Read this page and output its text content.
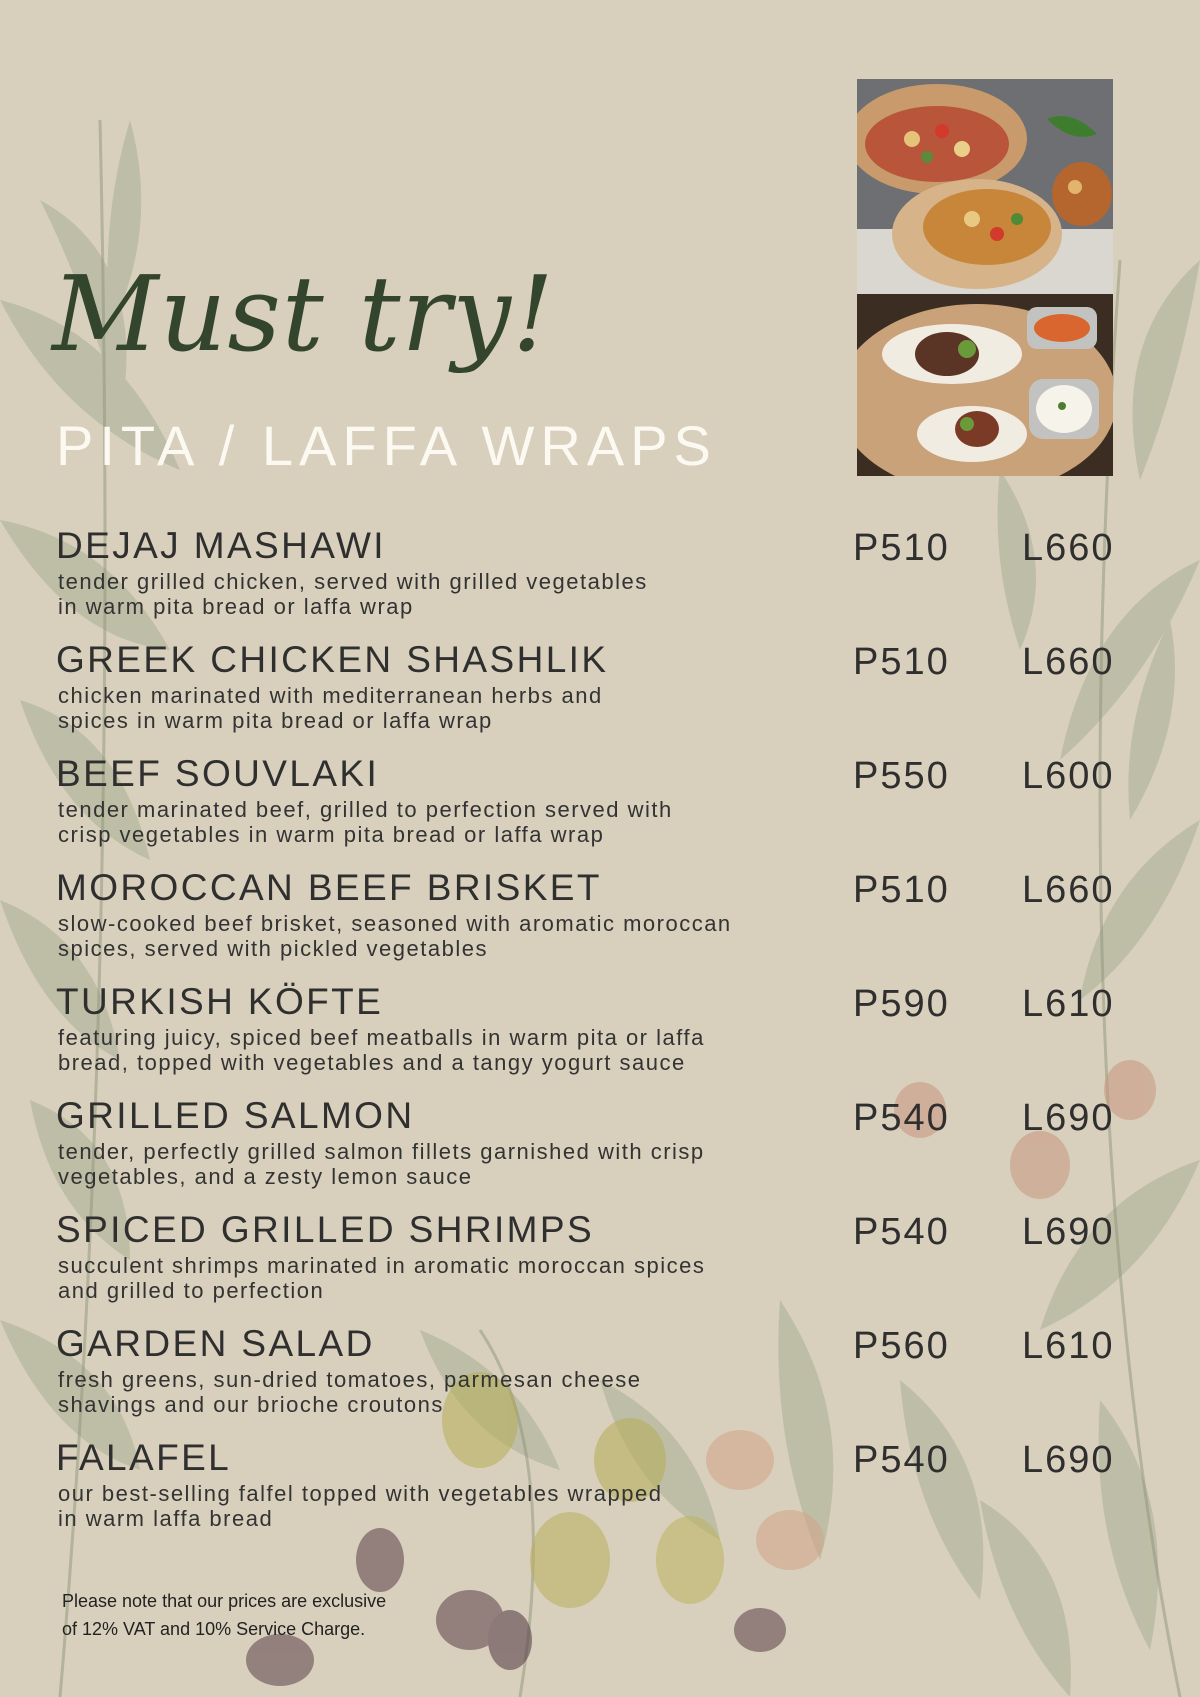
Must try!
PITA / LAFFA WRAPS
DEJAJ MASHAWI
tender grilled chicken, served with grilled vegetables
in warm pita bread or laffa wrap
P510 L660
GREEK CHICKEN SHASHLIK
chicken marinated with mediterranean herbs and
spices in warm pita bread or laffa wrap
P510 L660
BEEF SOUVLAKI
tender marinated beef, grilled to perfection served with
crisp vegetables in warm pita bread or laffa wrap
P550 L600
MOROCCAN BEEF BRISKET
slow-cooked beef brisket, seasoned with aromatic moroccan
spices, served with pickled vegetables
P510 L660
TURKISH KÖFTE
featuring juicy, spiced beef meatballs in warm pita or laffa
bread, topped with vegetables and a tangy yogurt sauce
P590 L610
GRILLED SALMON
tender, perfectly grilled salmon fillets garnished with crisp
vegetables, and a zesty lemon sauce
P540 L690
SPICED GRILLED SHRIMPS
succulent shrimps marinated in aromatic moroccan spices
and grilled to perfection
P540 L690
GARDEN SALAD
fresh greens, sun-dried tomatoes, parmesan cheese
shavings and our brioche croutons
P560 L610
FALAFEL
our best-selling falfel topped with vegetables wrapped
in warm laffa bread
P540 L690
Please note that our prices are exclusive
of 12% VAT and 10% Service Charge.
